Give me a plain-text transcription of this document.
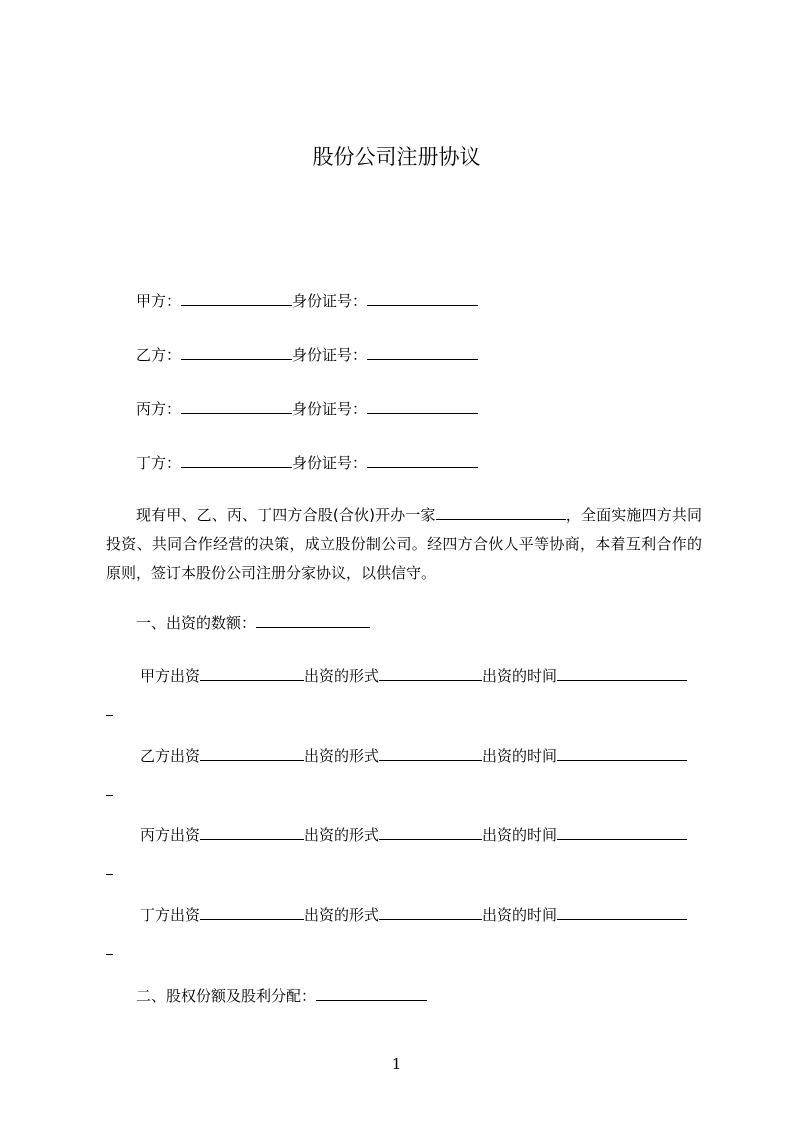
股份公司注册协议
甲方：	身份证号：
乙方：	身份证号：
丙方：	身份证号：
丁方：	身份证号：
现有甲、乙、丙、丁四方合股(合伙)开办一家	，全面实施四方共同投资、共同合作经营的决策，成立股份制公司。经四方合伙人平等协商，本着互利合作的原则，签订本股份公司注册分家协议，以供信守。
一、出资的数额：
甲方出资	出资的形式	出资的时间
乙方出资	出资的形式	出资的时间
丙方出资	出资的形式	出资的时间
丁方出资	出资的形式	出资的时间
二、股权份额及股利分配：
1
